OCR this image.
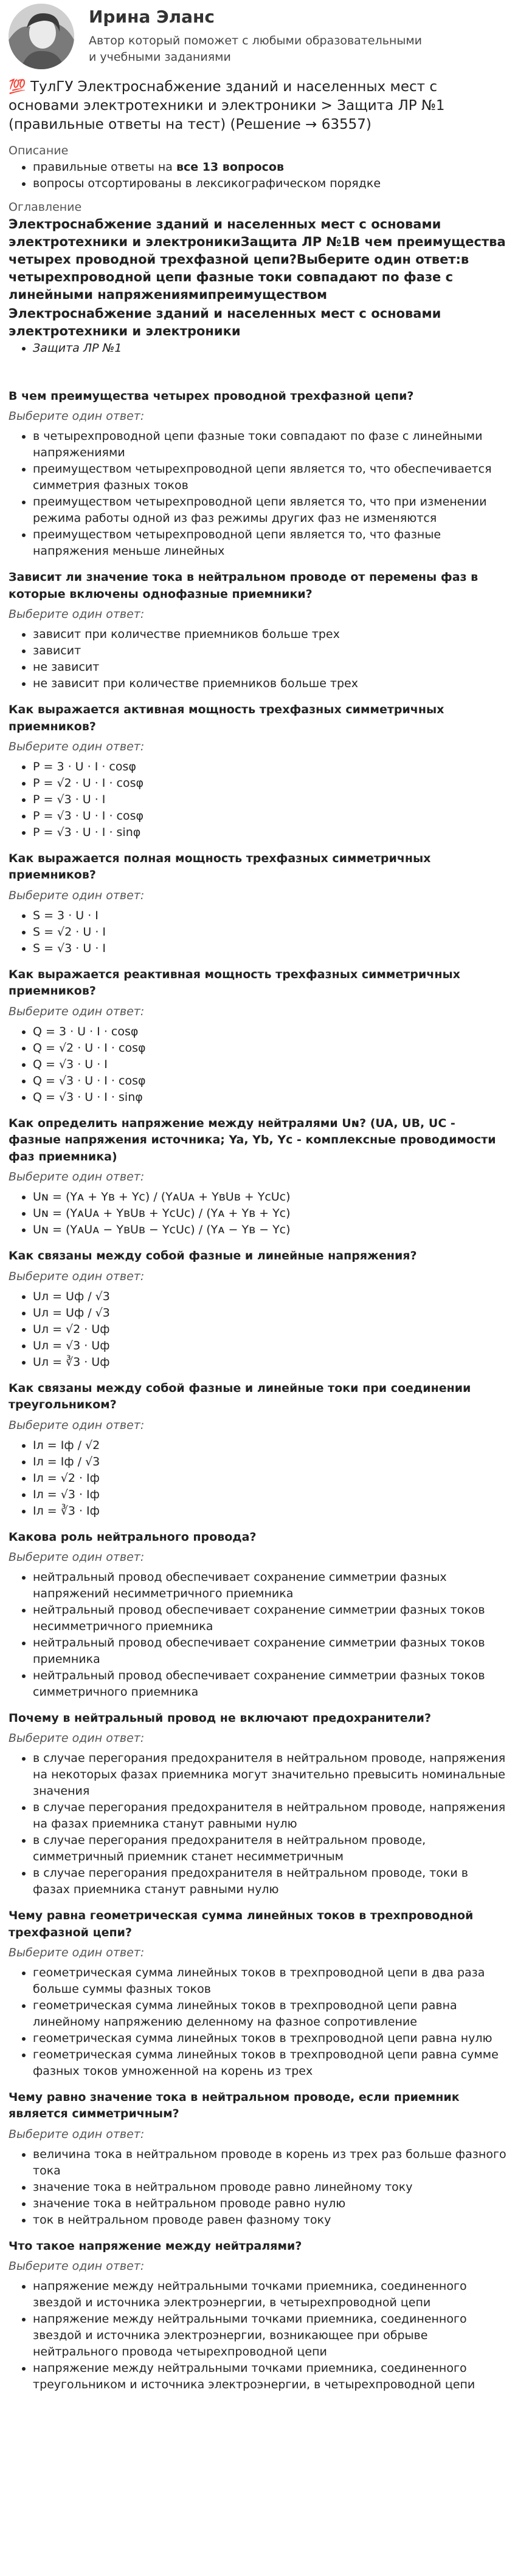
Ирина Эланс
Автор который поможет с любыми образовательными и учебными заданиями
💯 ТулГУ Электроснабжение зданий и населенных мест с основами электротехники и электроники > Защита ЛР №1 (правильные ответы на тест) (Решение → 63557)

Описание

• правильные ответы на все 13 вопросов
• вопросы отсортированы в лексикографическом порядке

Оглавление

Электроснабжение зданий и населенных мест с основами электротехники и электроникиЗащита ЛР №1В чем преимущества четырех проводной трехфазной цепи?Выберите один ответ:в четырехпроводной цепи фазные токи совпадают по фазе с линейными напряжениямипреимуществом
Электроснабжение зданий и населенных мест с основами электротехники и электроники
• Защита ЛР №1
В чем преимущества четырех проводной трехфазной цепи?
Выберите один ответ:
• в четырехпроводной цепи фазные токи совпадают по фазе с линейными напряжениями
• преимуществом четырехпроводной цепи является то, что обеспечивается симметрия фазных токов
• преимуществом четырехпроводной цепи является то, что при изменении режима работы одной из фаз режимы других фаз не изменяются
• преимуществом четырехпроводной цепи является то, что фазные напряжения меньше линейных
Зависит ли значение тока в нейтральном проводе от перемены фаз в которые включены однофазные приемники?
Выберите один ответ:
• зависит при количестве приемников больше трех
• зависит
• не зависит
• не зависит при количестве приемников больше трех
Как выражается активная мощность трехфазных симметричных приемников?
Выберите один ответ:
• P = 3 · U · I · cosφ
• P = √2 · U · I · cosφ
• P = √3 · U · I
• P = √3 · U · I · cosφ
• P = √3 · U · I · sinφ
Как выражается полная мощность трехфазных симметричных приемников?
Выберите один ответ:
• S = 3 · U · I
• S = √2 · U · I
• S = √3 · U · I
Как выражается реактивная мощность трехфазных симметричных приемников?
Выберите один ответ:
• Q = 3 · U · I · cosφ
• Q = √2 · U · I · cosφ
• Q = √3 · U · I
• Q = √3 · U · I · cosφ
• Q = √3 · U · I · sinφ
Как определить напряжение между нейтралями Uɴ? (UA, UB, UC - фазные напряжения источника; Ya, Yb, Yc - комплексные проводимости фаз приемника)
Выберите один ответ:
• Uɴ = (Yᴀ + Yʙ + Yc) / (YᴀUᴀ + YʙUʙ + YcUc)
• Uɴ = (YᴀUᴀ + YʙUʙ + YcUc) / (Yᴀ + Yʙ + Yc)
• Uɴ = (YᴀUᴀ − YʙUʙ − YcUc) / (Yᴀ − Yʙ − Yc)
Как связаны между собой фазные и линейные напряжения?
Выберите один ответ:
• Uл = Uф / √3
• Uл = Uф / √3
• Uл = √2 · Uф
• Uл = √3 · Uф
• Uл = ∛3 · Uф
Как связаны между собой фазные и линейные токи при соединении треугольником?
Выберите один ответ:
• Iл = Iф / √2
• Iл = Iф / √3
• Iл = √2 · Iф
• Iл = √3 · Iф
• Iл = ∛3 · Iф
Какова роль нейтрального провода?
Выберите один ответ:
• нейтральный провод обеспечивает сохранение симметрии фазных напряжений несимметричного приемника
• нейтральный провод обеспечивает сохранение симметрии фазных токов несимметричного приемника
• нейтральный провод обеспечивает сохранение симметрии фазных токов приемника
• нейтральный провод обеспечивает сохранение симметрии фазных токов симметричного приемника
Почему в нейтральный провод не включают предохранители?
Выберите один ответ:
• в случае перегорания предохранителя в нейтральном проводе, напряжения на некоторых фазах приемника могут значительно превысить номинальные значения
• в случае перегорания предохранителя в нейтральном проводе, напряжения на фазах приемника станут равными нулю
• в случае перегорания предохранителя в нейтральном проводе, симметричный приемник станет несимметричным
• в случае перегорания предохранителя в нейтральном проводе, токи в фазах приемника станут равными нулю
Чему равна геометрическая сумма линейных токов в трехпроводной трехфазной цепи?
Выберите один ответ:
• геометрическая сумма линейных токов в трехпроводной цепи в два раза больше суммы фазных токов
• геометрическая сумма линейных токов в трехпроводной цепи равна линейному напряжению деленному на фазное сопротивление
• геометрическая сумма линейных токов в трехпроводной цепи равна нулю
• геометрическая сумма линейных токов в трехпроводной цепи равна сумме фазных токов умноженной на корень из трех
Чему равно значение тока в нейтральном проводе, если приемник является симметричным?
Выберите один ответ:
• величина тока в нейтральном проводе в корень из трех раз больше фазного тока
• значение тока в нейтральном проводе равно линейному току
• значение тока в нейтральном проводе равно нулю
• ток в нейтральном проводе равен фазному току
Что такое напряжение между нейтралями?
Выберите один ответ:
• напряжение между нейтральными точками приемника, соединенного звездой и источника электроэнергии, в четырехпроводной цепи
• напряжение между нейтральными точками приемника, соединенного звездой и источника электроэнергии, возникающее при обрыве нейтрального провода четырехпроводной цепи
• напряжение между нейтральными точками приемника, соединенного треугольником и источника электроэнергии, в четырехпроводной цепи
